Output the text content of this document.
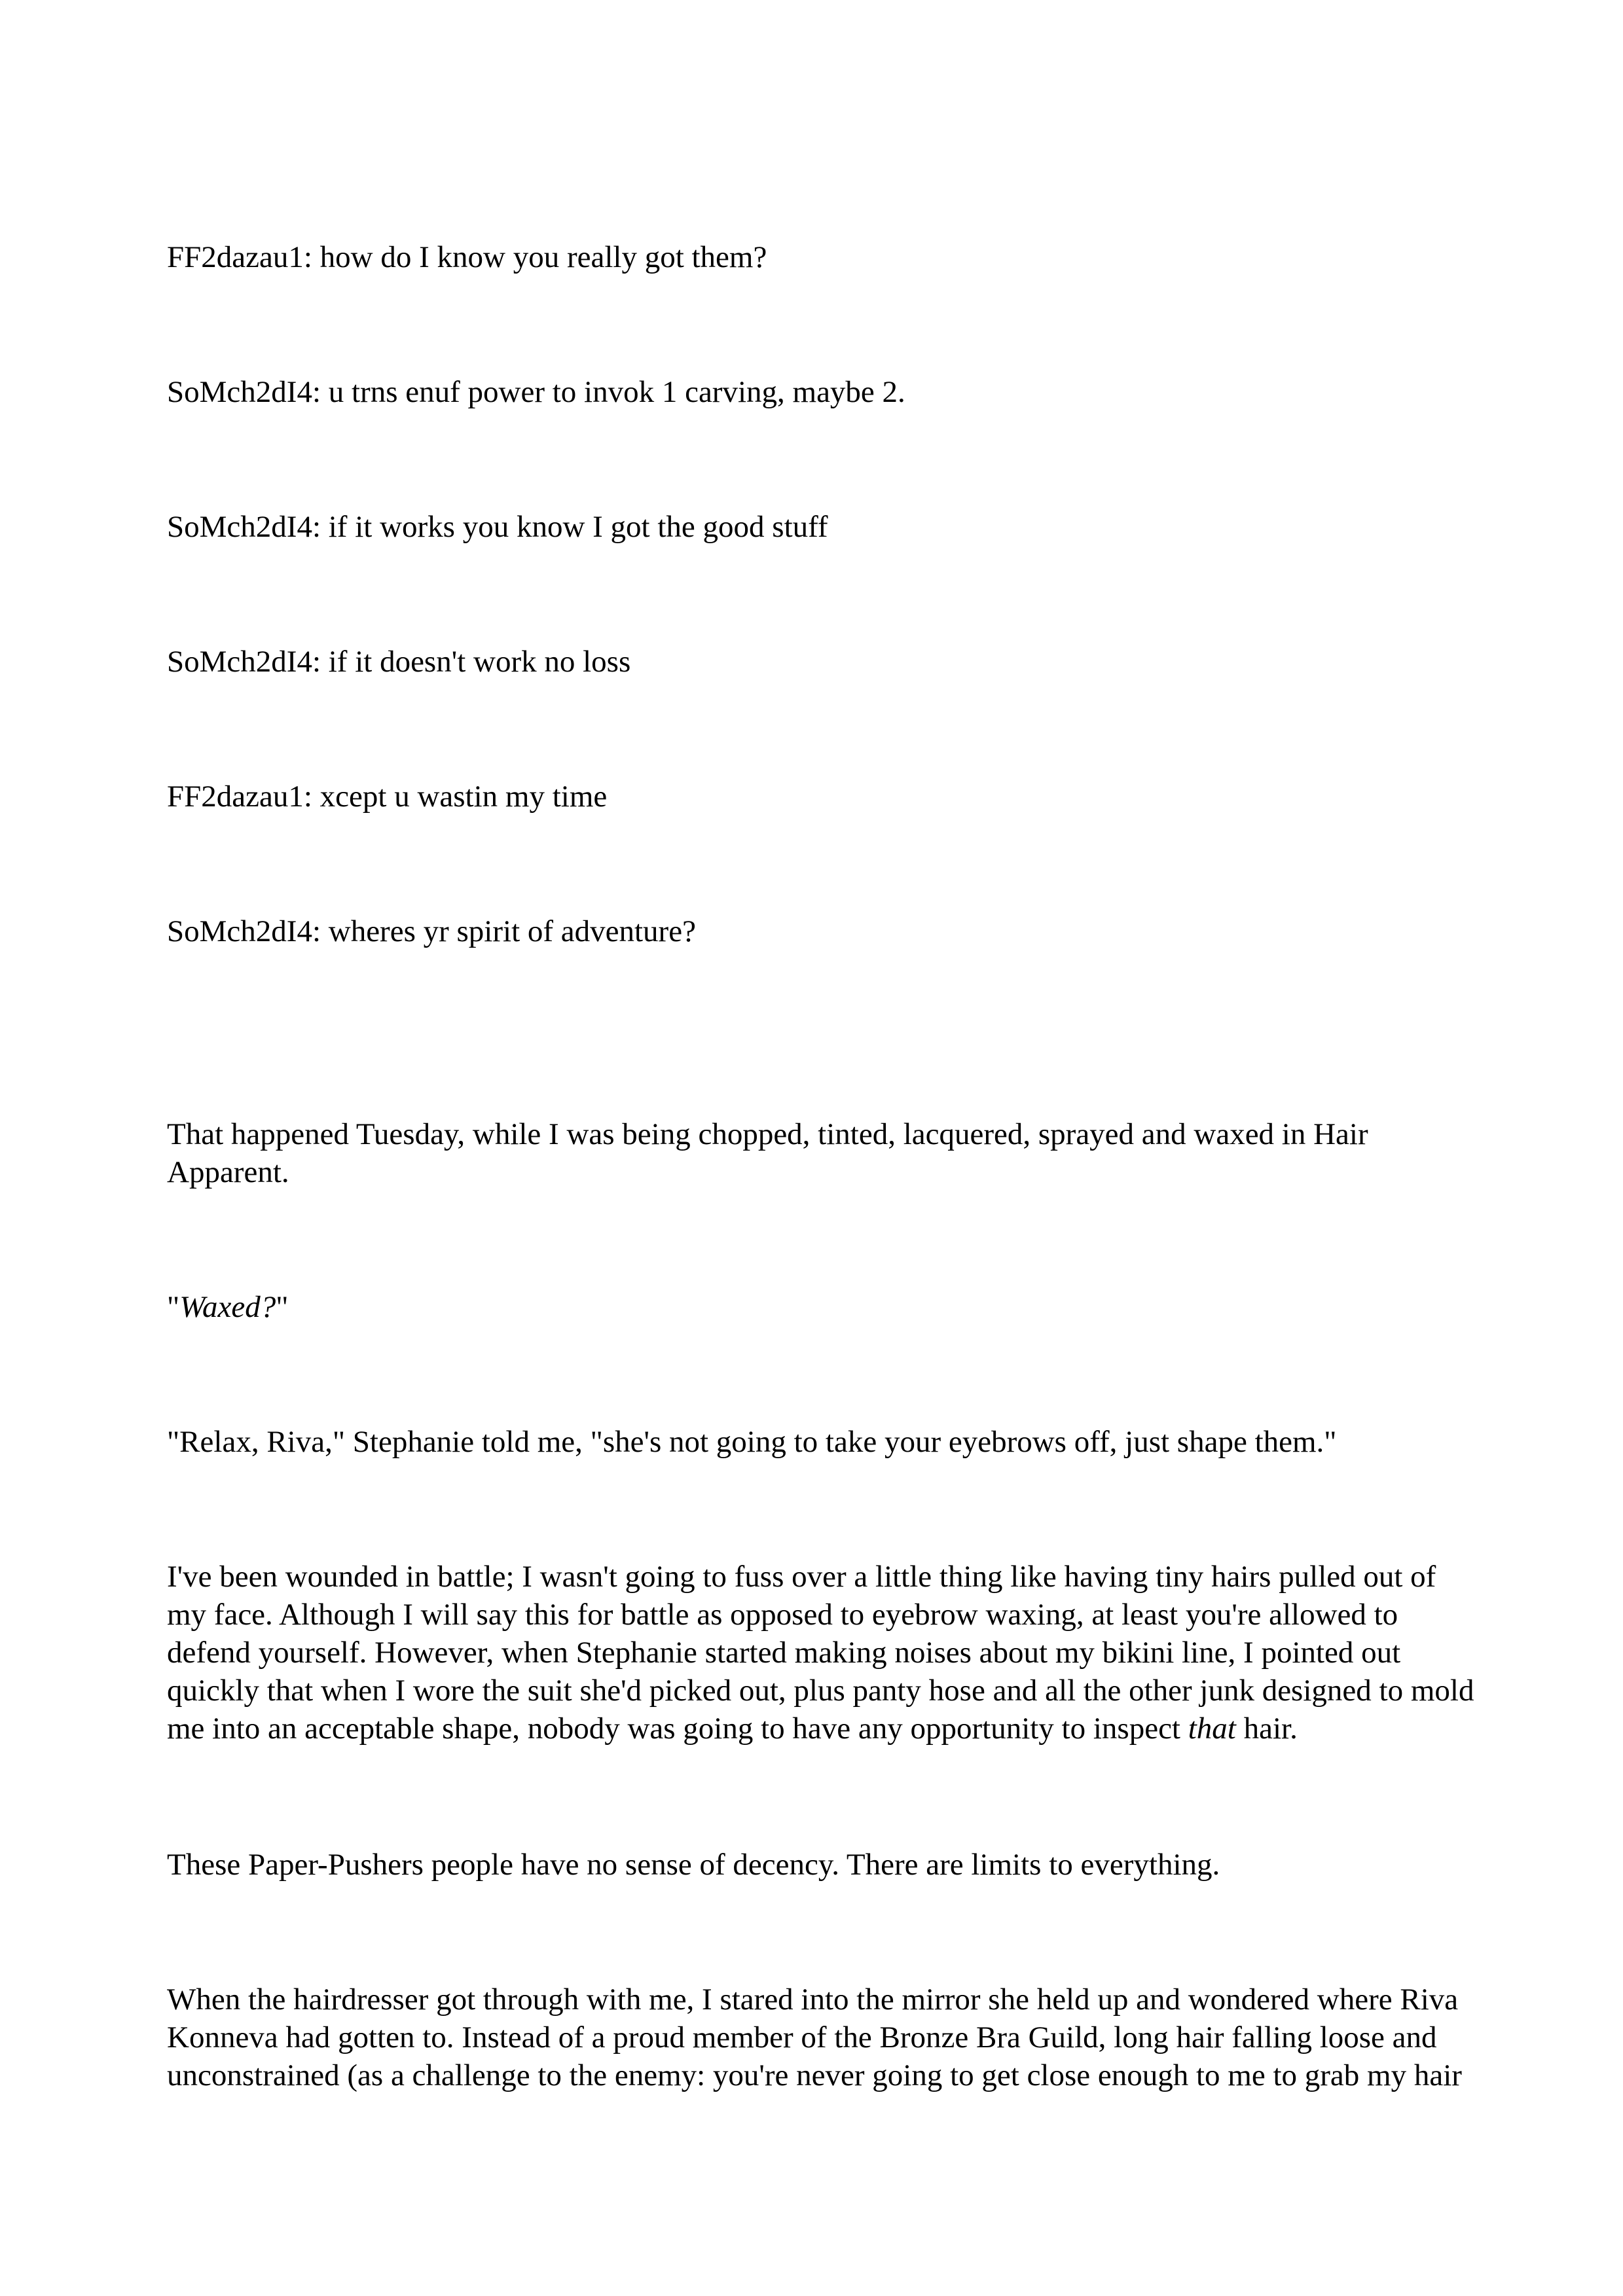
FF2dazau1: how do I know you really got them?

SoMch2dI4: u trns enuf power to invok 1 carving, maybe 2.

SoMch2dI4: if it works you know I got the good stuff

SoMch2dI4: if it doesn't work no loss

FF2dazau1: xcept u wastin my time

SoMch2dI4: wheres yr spirit of adventure?

That happened Tuesday, while I was being chopped, tinted, lacquered, sprayed and waxed in Hair Apparent.

"Waxed?"

"Relax, Riva," Stephanie told me, "she's not going to take your eyebrows off, just shape them."

I've been wounded in battle; I wasn't going to fuss over a little thing like having tiny hairs pulled out of my face. Although I will say this for battle as opposed to eyebrow waxing, at least you're allowed to defend yourself. However, when Stephanie started making noises about my bikini line, I pointed out quickly that when I wore the suit she'd picked out, plus panty hose and all the other junk designed to mold me into an acceptable shape, nobody was going to have any opportunity to inspect that hair.

These Paper-Pushers people have no sense of decency. There are limits to everything.

When the hairdresser got through with me, I stared into the mirror she held up and wondered where Riva Konneva had gotten to. Instead of a proud member of the Bronze Bra Guild, long hair falling loose and unconstrained (as a challenge to the enemy: you're never going to get close enough to me to grab my hair
